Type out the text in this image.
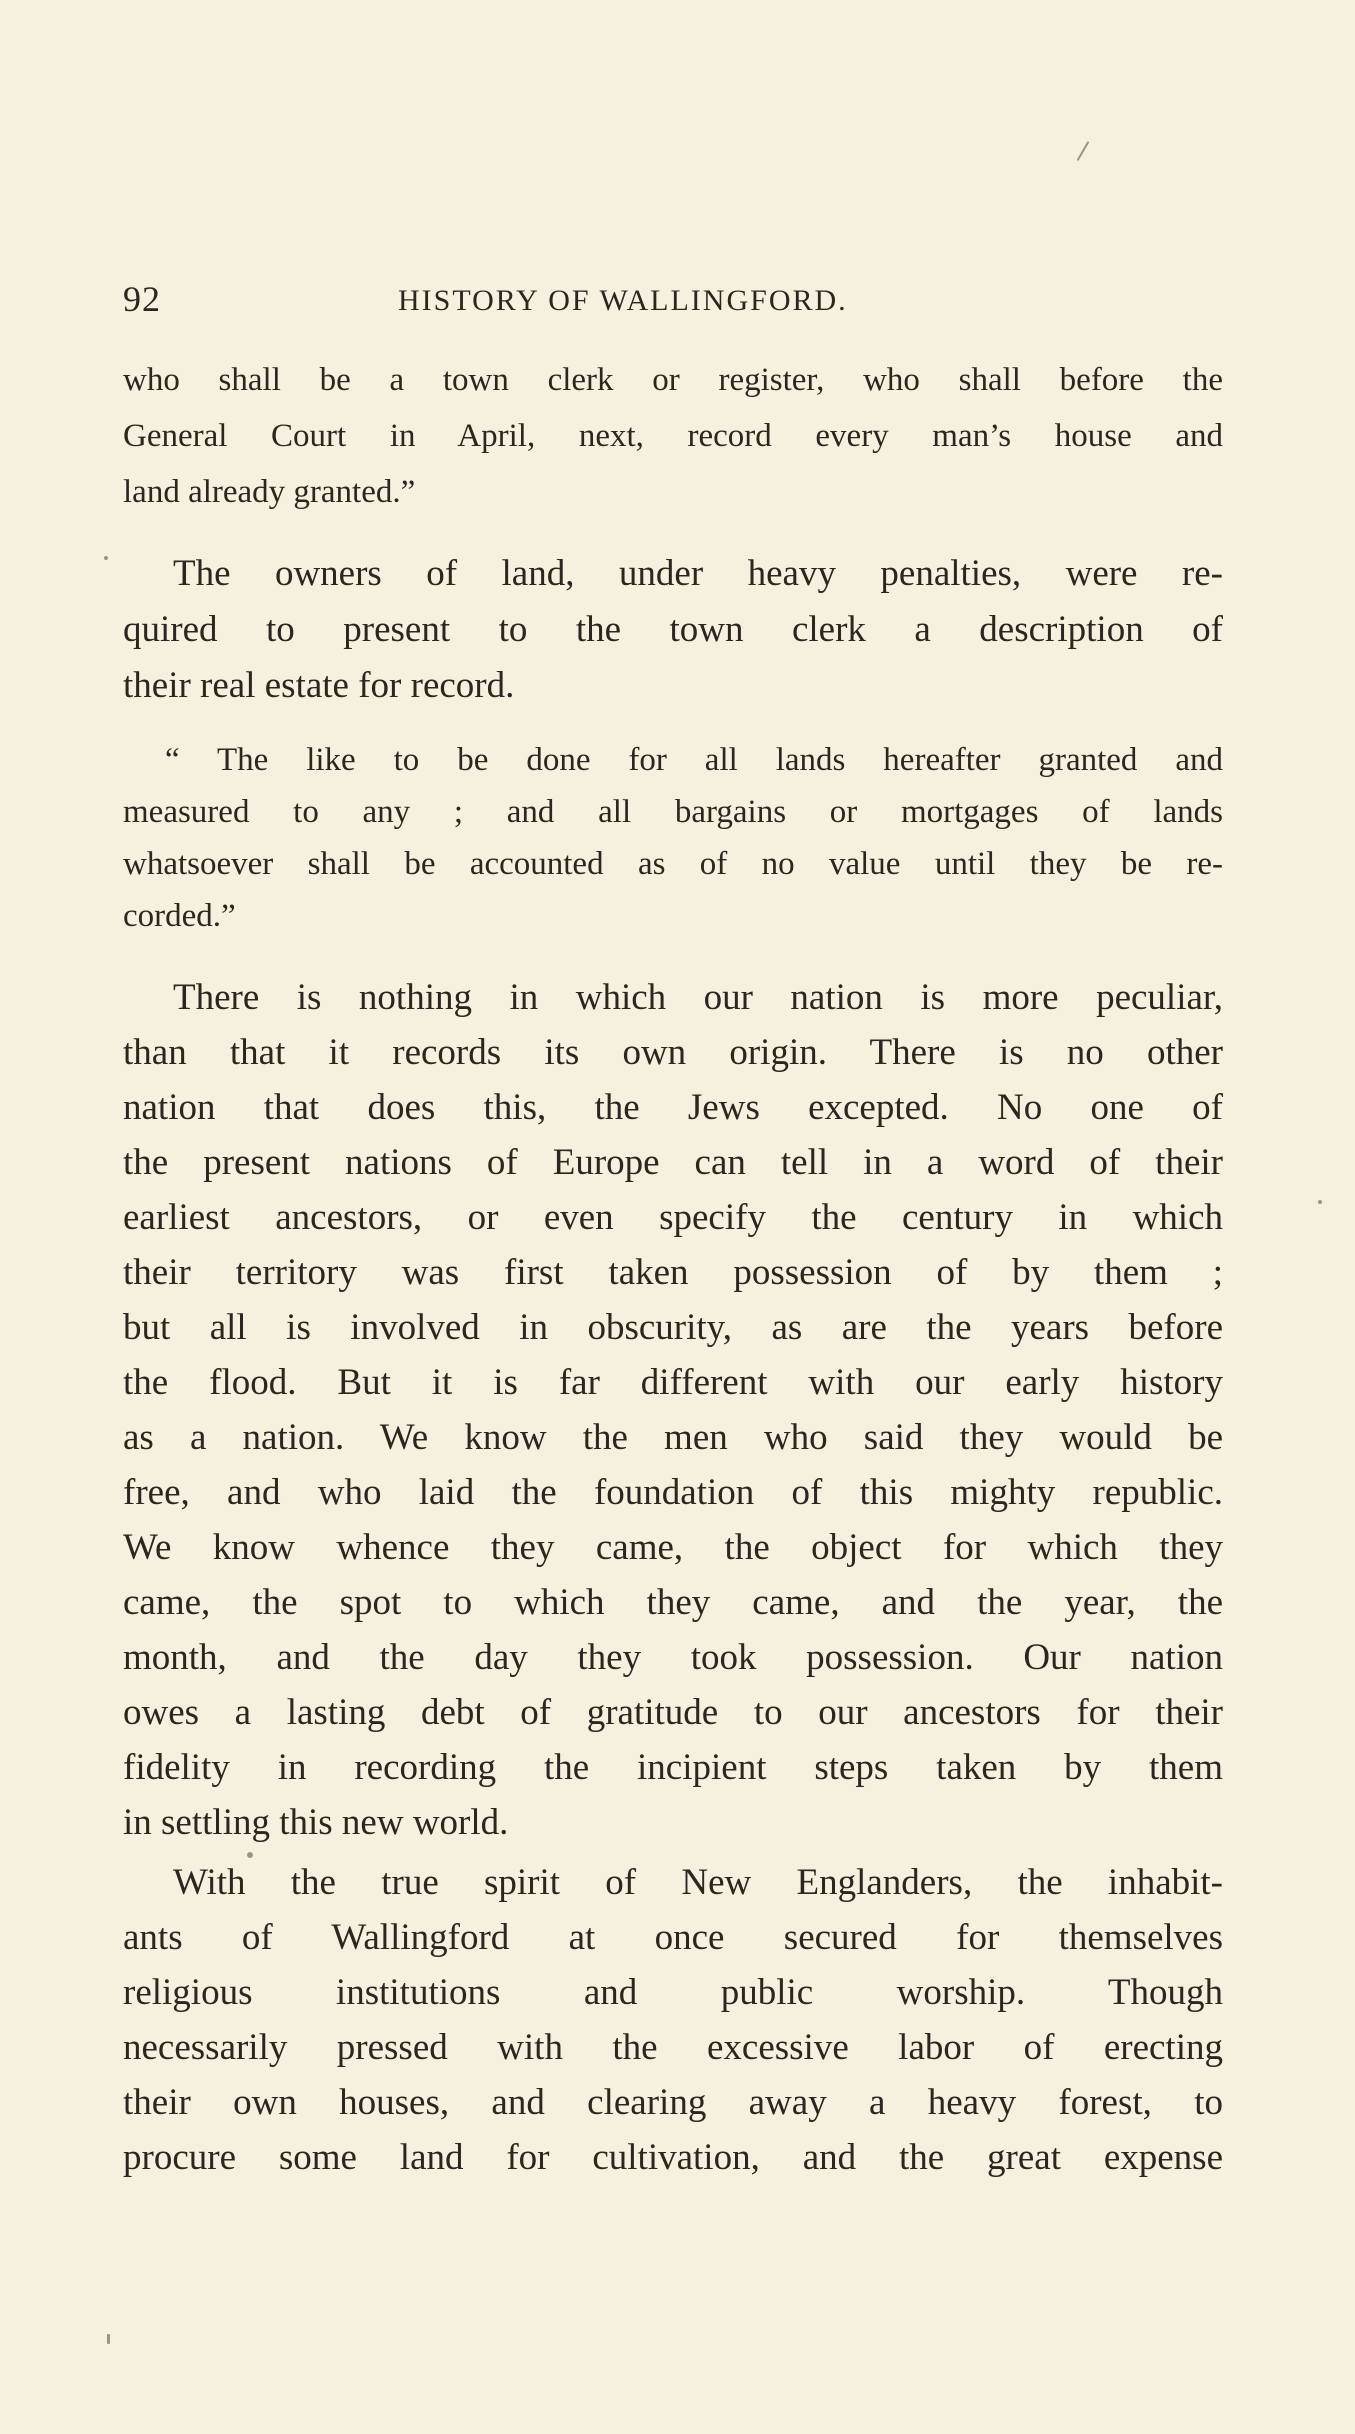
92	HISTORY OF WALLINGFORD.
who shall be a town clerk or register, who shall before the
General Court in April, next, record every man’s house and
land already granted.”
The owners of land, under heavy penalties, were re-
quired to present to the town clerk a description of
their real estate for record.
“ The like to be done for all lands hereafter granted and
measured to any ; and all bargains or mortgages of lands
whatsoever shall be accounted as of no value until they be re-
corded.”
There is nothing in which our nation is more peculiar,
than that it records its own origin. There is no other
nation that does this, the Jews excepted. No one of
the present nations of Europe can tell in a word of their
earliest ancestors, or even specify the century in which
their territory was first taken possession of by them ;
but all is involved in obscurity, as are the years before
the flood. But it is far different with our early history
as a nation. We know the men who said they would be
free, and who laid the foundation of this mighty republic.
We know whence they came, the object for which they
came, the spot to which they came, and the year, the
month, and the day they took possession. Our nation
owes a lasting debt of gratitude to our ancestors for their
fidelity in recording the incipient steps taken by them
in settling this new world.
With the true spirit of New Englanders, the inhabit-
ants of Wallingford at once secured for themselves
religious institutions and public worship. Though
necessarily pressed with the excessive labor of erecting
their own houses, and clearing away a heavy forest, to
procure some land for cultivation, and the great expense
